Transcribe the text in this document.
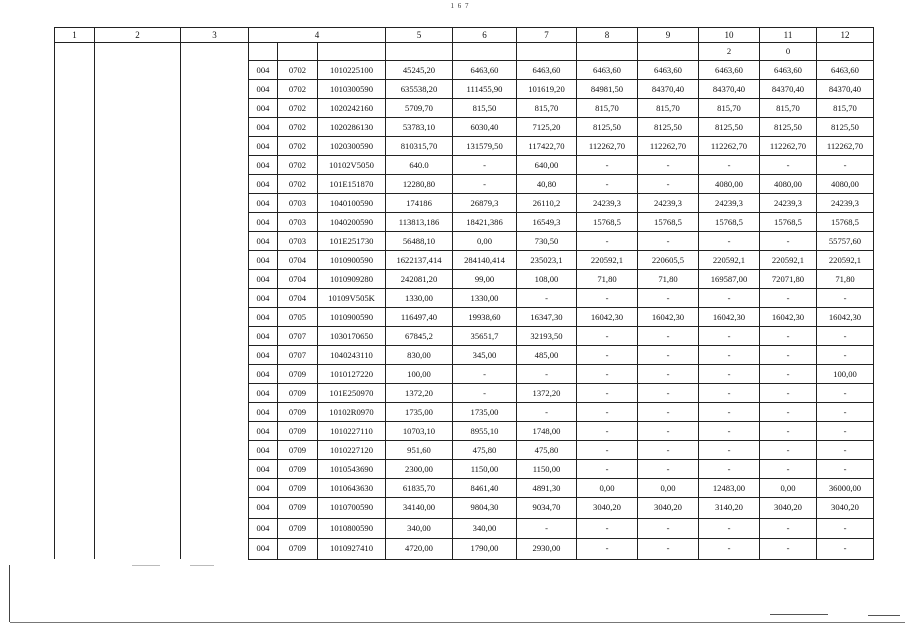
1 6 7
1	2	3	4			5	6	7	8	9	10	11	12
											2	0	
			004	0702	1010225100	45245,20	6463,60	6463,60	6463,60	6463,60	6463,60	6463,60	6463,60
			004	0702	1010300590	635538,20	111455,90	101619,20	84981,50	84370,40	84370,40	84370,40	84370,40
			004	0702	1020242160	5709,70	815,50	815,70	815,70	815,70	815,70	815,70	815,70
			004	0702	1020286130	53783,10	6030,40	7125,20	8125,50	8125,50	8125,50	8125,50	8125,50
			004	0702	1020300590	810315,70	131579,50	117422,70	112262,70	112262,70	112262,70	112262,70	112262,70
			004	0702	10102V5050	640.0	-	640,00	-	-	-	-	-
			004	0702	101E151870	12280,80	-	40,80	-	-	4080,00	4080,00	4080,00
			004	0703	1040100590	174186	26879,3	26110,2	24239,3	24239,3	24239,3	24239,3	24239,3
			004	0703	1040200590	113813,186	18421,386	16549,3	15768,5	15768,5	15768,5	15768,5	15768,5
			004	0703	101E251730	56488,10	0,00	730,50	-	-	-	-	55757,60
			004	0704	1010900590	1622137,414	284140,414	235023,1	220592,1	220605,5	220592,1	220592,1	220592,1
			004	0704	1010909280	242081,20	99,00	108,00	71,80	71,80	169587,00	72071,80	71,80
			004	0704	10109V505K	1330,00	1330,00	-	-	-	-	-	-
			004	0705	1010900590	116497,40	19938,60	16347,30	16042,30	16042,30	16042,30	16042,30	16042,30
			004	0707	1030170650	67845,2	35651,7	32193,50	-	-	-	-	-
			004	0707	1040243110	830,00	345,00	485,00	-	-	-	-	-
			004	0709	1010127220	100,00	-	-	-	-	-	-	100,00
			004	0709	101E250970	1372,20	-	1372,20	-	-	-	-	-
			004	0709	10102R0970	1735,00	1735,00	-	-	-	-	-	-
			004	0709	1010227110	10703,10	8955,10	1748,00	-	-	-	-	-
			004	0709	1010227120	951,60	475,80	475,80	-	-	-	-	-
			004	0709	1010543690	2300,00	1150,00	1150,00	-	-	-	-	-
			004	0709	1010643630	61835,70	8461,40	4891,30	0,00	0,00	12483,00	0,00	36000,00
			004	0709	1010700590	34140,00	9804,30	9034,70	3040,20	3040,20	3140,20	3040,20	3040,20
			004	0709	1010800590	340,00	340,00	-	-	-	-	-	-
			004	0709	1010927410	4720,00	1790,00	2930,00	-	-	-	-	-
